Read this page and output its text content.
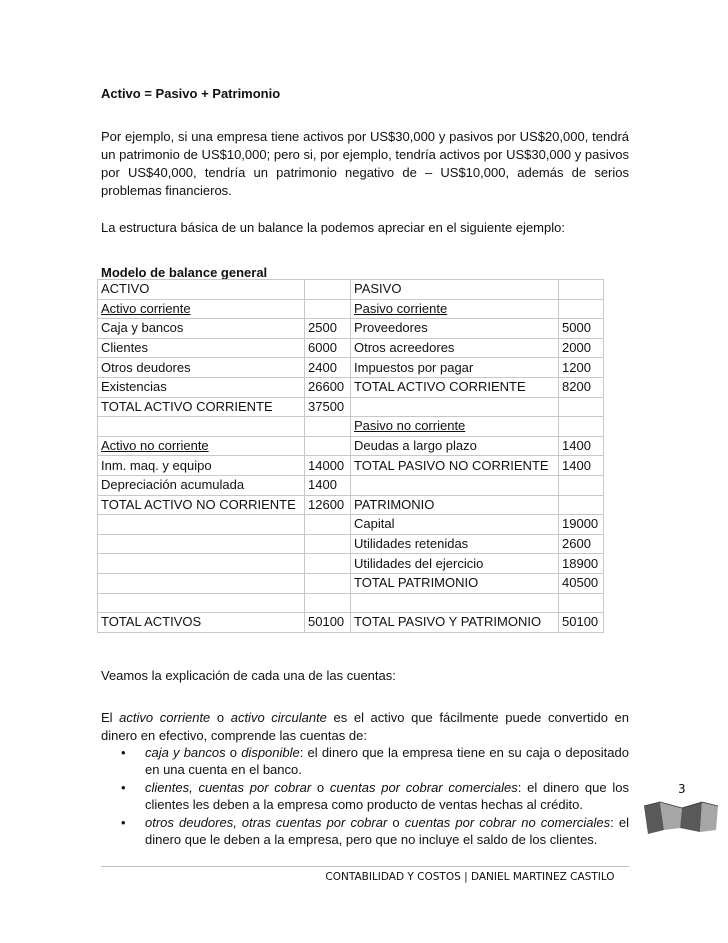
Activo = Pasivo + Patrimonio

Por ejemplo, si una empresa tiene activos por US$30,000 y pasivos por US$20,000, tendrá un patrimonio de US$10,000; pero si, por ejemplo, tendría activos por US$30,000 y pasivos por US$40,000, tendría un patrimonio negativo de – US$10,000, además de serios problemas financieros.

La estructura básica de un balance la podemos apreciar en el siguiente ejemplo:

Modelo de balance general
ACTIVO		PASIVO	
Activo corriente		Pasivo corriente	
Caja y bancos	2500	Proveedores	5000
Clientes	6000	Otros acreedores	2000
Otros deudores	2400	Impuestos por pagar	1200
Existencias	26600	TOTAL ACTIVO CORRIENTE	8200
TOTAL ACTIVO CORRIENTE	37500		
		Pasivo no corriente	
Activo no corriente		Deudas a largo plazo	1400
Inm. maq. y equipo	14000	TOTAL PASIVO NO CORRIENTE	1400
Depreciación acumulada	1400		
TOTAL ACTIVO NO CORRIENTE	12600	PATRIMONIO	
		Capital	19000
		Utilidades retenidas	2600
		Utilidades del ejercicio	18900
		TOTAL PATRIMONIO	40500

TOTAL ACTIVOS	50100	TOTAL PASIVO Y PATRIMONIO	50100

Veamos la explicación de cada una de las cuentas:

El activo corriente o activo circulante es el activo que fácilmente puede convertido en dinero en efectivo, comprende las cuentas de:

• caja y bancos o disponible: el dinero que la empresa tiene en su caja o depositado en una cuenta en el banco.
• clientes, cuentas por cobrar o cuentas por cobrar comerciales: el dinero que los clientes les deben a la empresa como producto de ventas hechas al crédito.
• otros deudores, otras cuentas por cobrar o cuentas por cobrar no comerciales: el dinero que le deben a la empresa, pero que no incluye el saldo de los clientes.
3
CONTABILIDAD Y COSTOS | DANIEL MARTINEZ CASTILO
